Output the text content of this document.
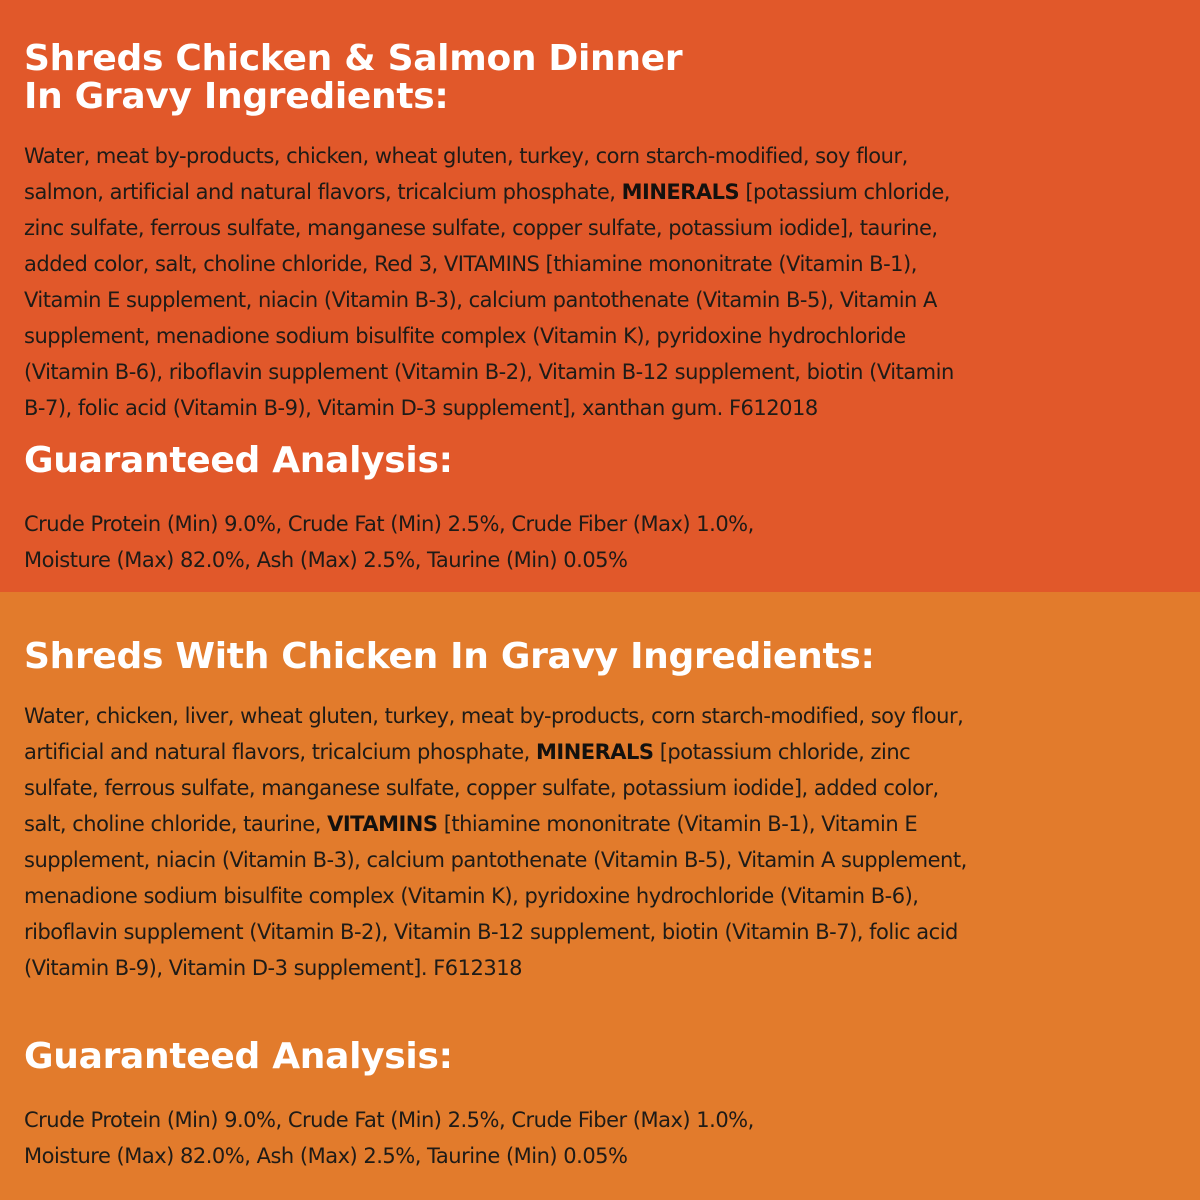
Shreds Chicken & Salmon Dinner
In Gravy Ingredients:
Water, meat by-products, chicken, wheat gluten, turkey, corn starch-modified, soy flour,
salmon, artificial and natural flavors, tricalcium phosphate, MINERALS [potassium chloride,
zinc sulfate, ferrous sulfate, manganese sulfate, copper sulfate, potassium iodide], taurine,
added color, salt, choline chloride, Red 3, VITAMINS [thiamine mononitrate (Vitamin B-1),
Vitamin E supplement, niacin (Vitamin B-3), calcium pantothenate (Vitamin B-5), Vitamin A
supplement, menadione sodium bisulfite complex (Vitamin K), pyridoxine hydrochloride
(Vitamin B-6), riboflavin supplement (Vitamin B-2), Vitamin B-12 supplement, biotin (Vitamin
B-7), folic acid (Vitamin B-9), Vitamin D-3 supplement], xanthan gum. F612018
Guaranteed Analysis:
Crude Protein (Min) 9.0%, Crude Fat (Min) 2.5%, Crude Fiber (Max) 1.0%,
Moisture (Max) 82.0%, Ash (Max) 2.5%, Taurine (Min) 0.05%
Shreds With Chicken In Gravy Ingredients:
Water, chicken, liver, wheat gluten, turkey, meat by-products, corn starch-modified, soy flour,
artificial and natural flavors, tricalcium phosphate, MINERALS [potassium chloride, zinc
sulfate, ferrous sulfate, manganese sulfate, copper sulfate, potassium iodide], added color,
salt, choline chloride, taurine, VITAMINS [thiamine mononitrate (Vitamin B-1), Vitamin E
supplement, niacin (Vitamin B-3), calcium pantothenate (Vitamin B-5), Vitamin A supplement,
menadione sodium bisulfite complex (Vitamin K), pyridoxine hydrochloride (Vitamin B-6),
riboflavin supplement (Vitamin B-2), Vitamin B-12 supplement, biotin (Vitamin B-7), folic acid
(Vitamin B-9), Vitamin D-3 supplement]. F612318
Guaranteed Analysis:
Crude Protein (Min) 9.0%, Crude Fat (Min) 2.5%, Crude Fiber (Max) 1.0%,
Moisture (Max) 82.0%, Ash (Max) 2.5%, Taurine (Min) 0.05%
